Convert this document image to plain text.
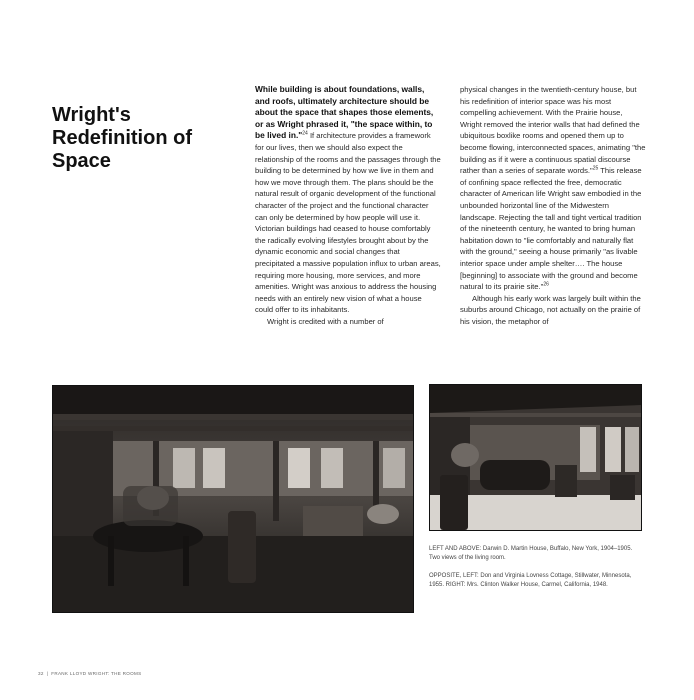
Wright's Redefinition of Space

While building is about foundations, walls, and roofs, ultimately architecture should be about the space that shapes those elements, or as Wright phrased it, "the space within, to be lived in."$^{24}$ If architecture provides a framework for our lives, then we should also expect the relationship of the rooms and the passages through the building to be determined by how we live in them and how we move through them. The plans should be the natural result of organic development of the functional character of the project and the functional character can only be determined by how people will use it. Victorian buildings had ceased to house comfortably the radically evolving lifestyles brought about by the dynamic economic and social changes that precipitated a massive population influx to urban areas, requiring more housing, more services, and more amenities. Wright was anxious to address the housing needs with an entirely new vision of what a house could offer to its inhabitants.
Wright is credited with a number of

physical changes in the twentieth-century house, but his redefinition of interior space was his most compelling achievement. With the Prairie house, Wright removed the interior walls that had defined the ubiquitous boxlike rooms and opened them up to become flowing, interconnected spaces, animating "the building as if it were a continuous spatial discourse rather than a series of separate words."$^{25}$ This release of confining space reflected the free, democratic character of American life Wright saw embodied in the unbounded horizontal line of the Midwestern landscape. Rejecting the tall and tight vertical tradition of the nineteenth century, he wanted to bring human habitation down to "lie comfortably and naturally flat with the ground," seeing a house primarily "as livable interior space under ample shelter…. The house [beginning] to associate with the ground and become natural to its prairie site."$^{26}$
Although his early work was largely built within the suburbs around Chicago, not actually on the prairie of his vision, the metaphor of

LEFT AND ABOVE: Darwin D. Martin House, Buffalo, New York, 1904–1905. Two views of the living room.

OPPOSITE, LEFT: Don and Virginia Lovness Cottage, Stillwater, Minnesota, 1955. RIGHT: Mrs. Clinton Walker House, Carmel, California, 1948.

32 | FRANK LLOYD WRIGHT: THE ROOMS
